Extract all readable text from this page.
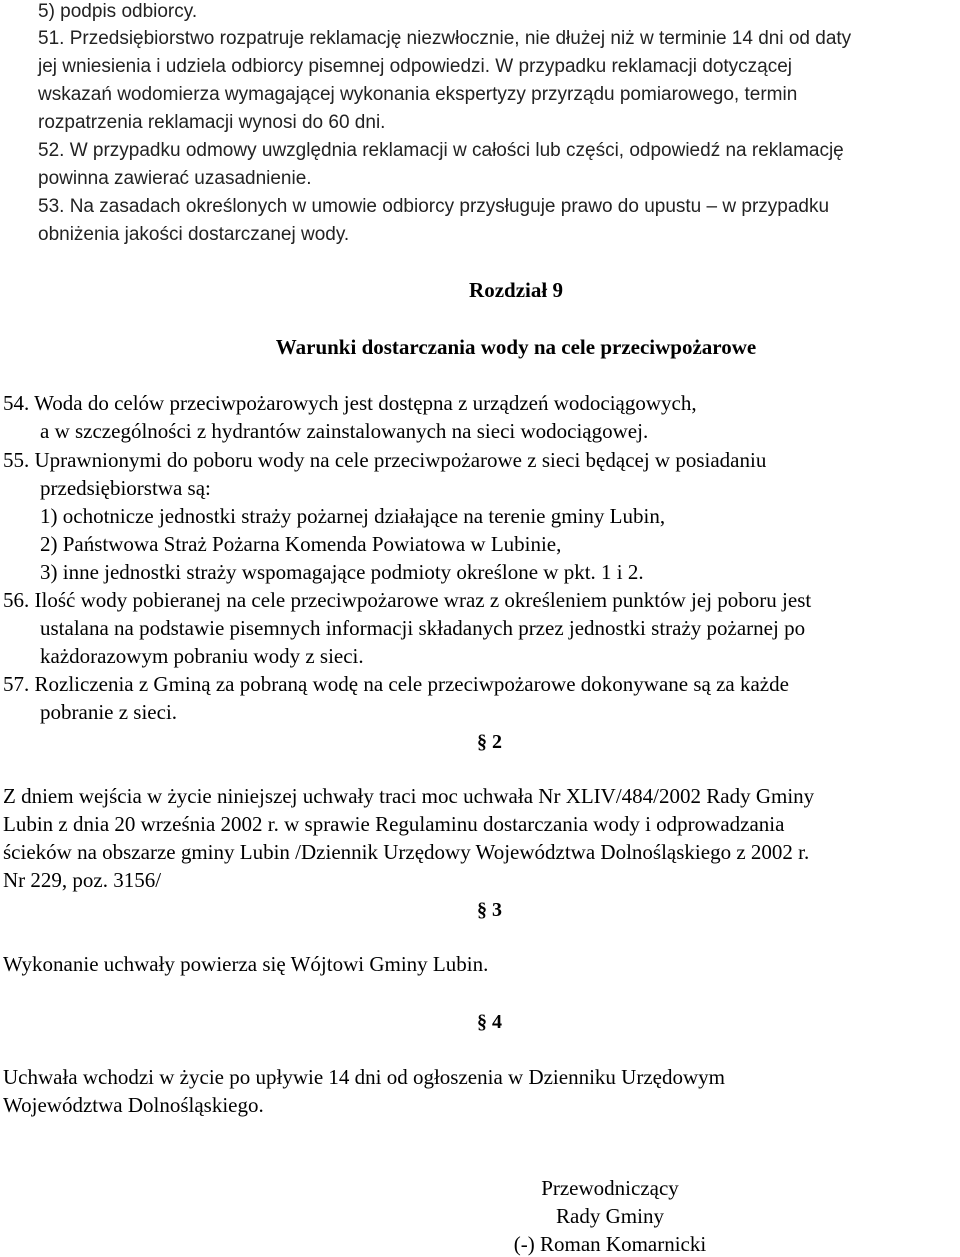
5) podpis odbiorcy.

51. Przedsiębiorstwo rozpatruje reklamację niezwłocznie, nie dłużej niż w terminie 14 dni od daty

jej wniesienia i udziela odbiorcy pisemnej odpowiedzi. W przypadku reklamacji dotyczącej

wskazań wodomierza wymagającej wykonania ekspertyzy przyrządu pomiarowego, termin

rozpatrzenia reklamacji wynosi do 60 dni.

52. W przypadku odmowy uwzględnia reklamacji w całości lub części, odpowiedź na reklamację

powinna zawierać uzasadnienie.

53. Na zasadach określonych w umowie odbiorcy przysługuje prawo do upustu – w przypadku

obniżenia jakości dostarczanej wody.

Rozdział 9

Warunki dostarczania wody na cele przeciwpożarowe

54. Woda do celów przeciwpożarowych jest dostępna z urządzeń wodociągowych,

a w szczególności z hydrantów zainstalowanych na sieci wodociągowej.

55. Uprawnionymi do poboru wody na cele przeciwpożarowe z sieci będącej w posiadaniu

przedsiębiorstwa są:

1) ochotnicze jednostki straży pożarnej działające na terenie gminy Lubin,

2) Państwowa Straż Pożarna Komenda Powiatowa w Lubinie,

3) inne jednostki straży wspomagające podmioty określone w pkt. 1 i 2.

56. Ilość wody pobieranej na cele przeciwpożarowe wraz z określeniem punktów jej poboru jest

ustalana na podstawie pisemnych informacji składanych przez jednostki straży pożarnej po

każdorazowym pobraniu wody z sieci.

57. Rozliczenia z Gminą za pobraną wodę na cele przeciwpożarowe dokonywane są za każde

pobranie z sieci.

§ 2

Z dniem wejścia w życie niniejszej uchwały traci moc uchwała Nr XLIV/484/2002 Rady Gminy

Lubin z dnia 20 września 2002 r. w sprawie Regulaminu dostarczania wody i odprowadzania

ścieków na obszarze gminy Lubin /Dziennik Urzędowy Województwa Dolnośląskiego z 2002 r.

Nr 229, poz. 3156/

§ 3

Wykonanie uchwały powierza się Wójtowi Gminy Lubin.

§ 4

Uchwała wchodzi w życie po upływie 14 dni od ogłoszenia w Dzienniku Urzędowym

Województwa Dolnośląskiego.

Przewodniczący

Rady Gminy

(-) Roman Komarnicki
